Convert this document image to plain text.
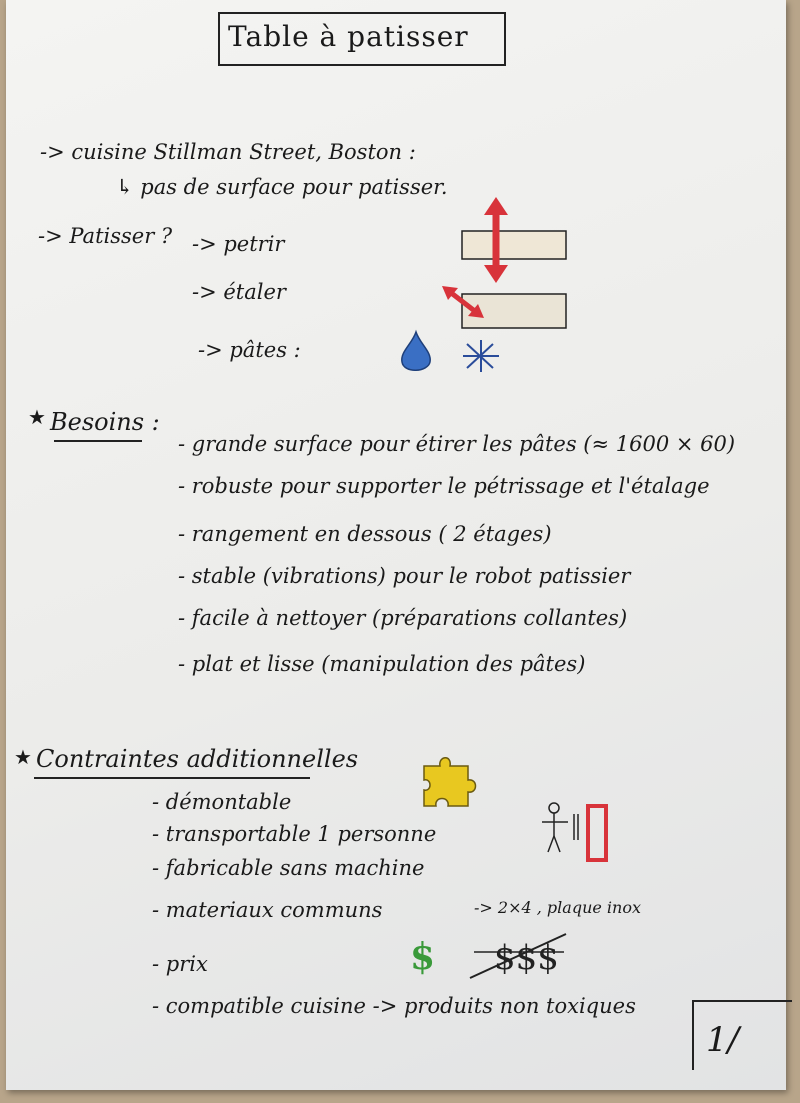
Table à patisser
-> cuisine Stillman Street, Boston :
↳ pas de surface pour patisser.
-> Patisser ? -> petrir
-> étaler
-> pâtes :
★ Besoins :
- grande surface pour étirer les pâtes (≈ 1600 × 60)
- robuste pour supporter le pétrissage et l'étalage
- rangement en dessous ( 2 étages)
- stable (vibrations) pour le robot patissier
- facile à nettoyer (préparations collantes)
- plat et lisse (manipulation des pâtes)
★ Contraintes additionnelles
- démontable
- transportable 1 personne
- fabricable sans machine
- materiaux communs	-> 2×4 , plaque inox
- prix
- compatible cuisine -> produits non toxiques
$ $$$
1/
